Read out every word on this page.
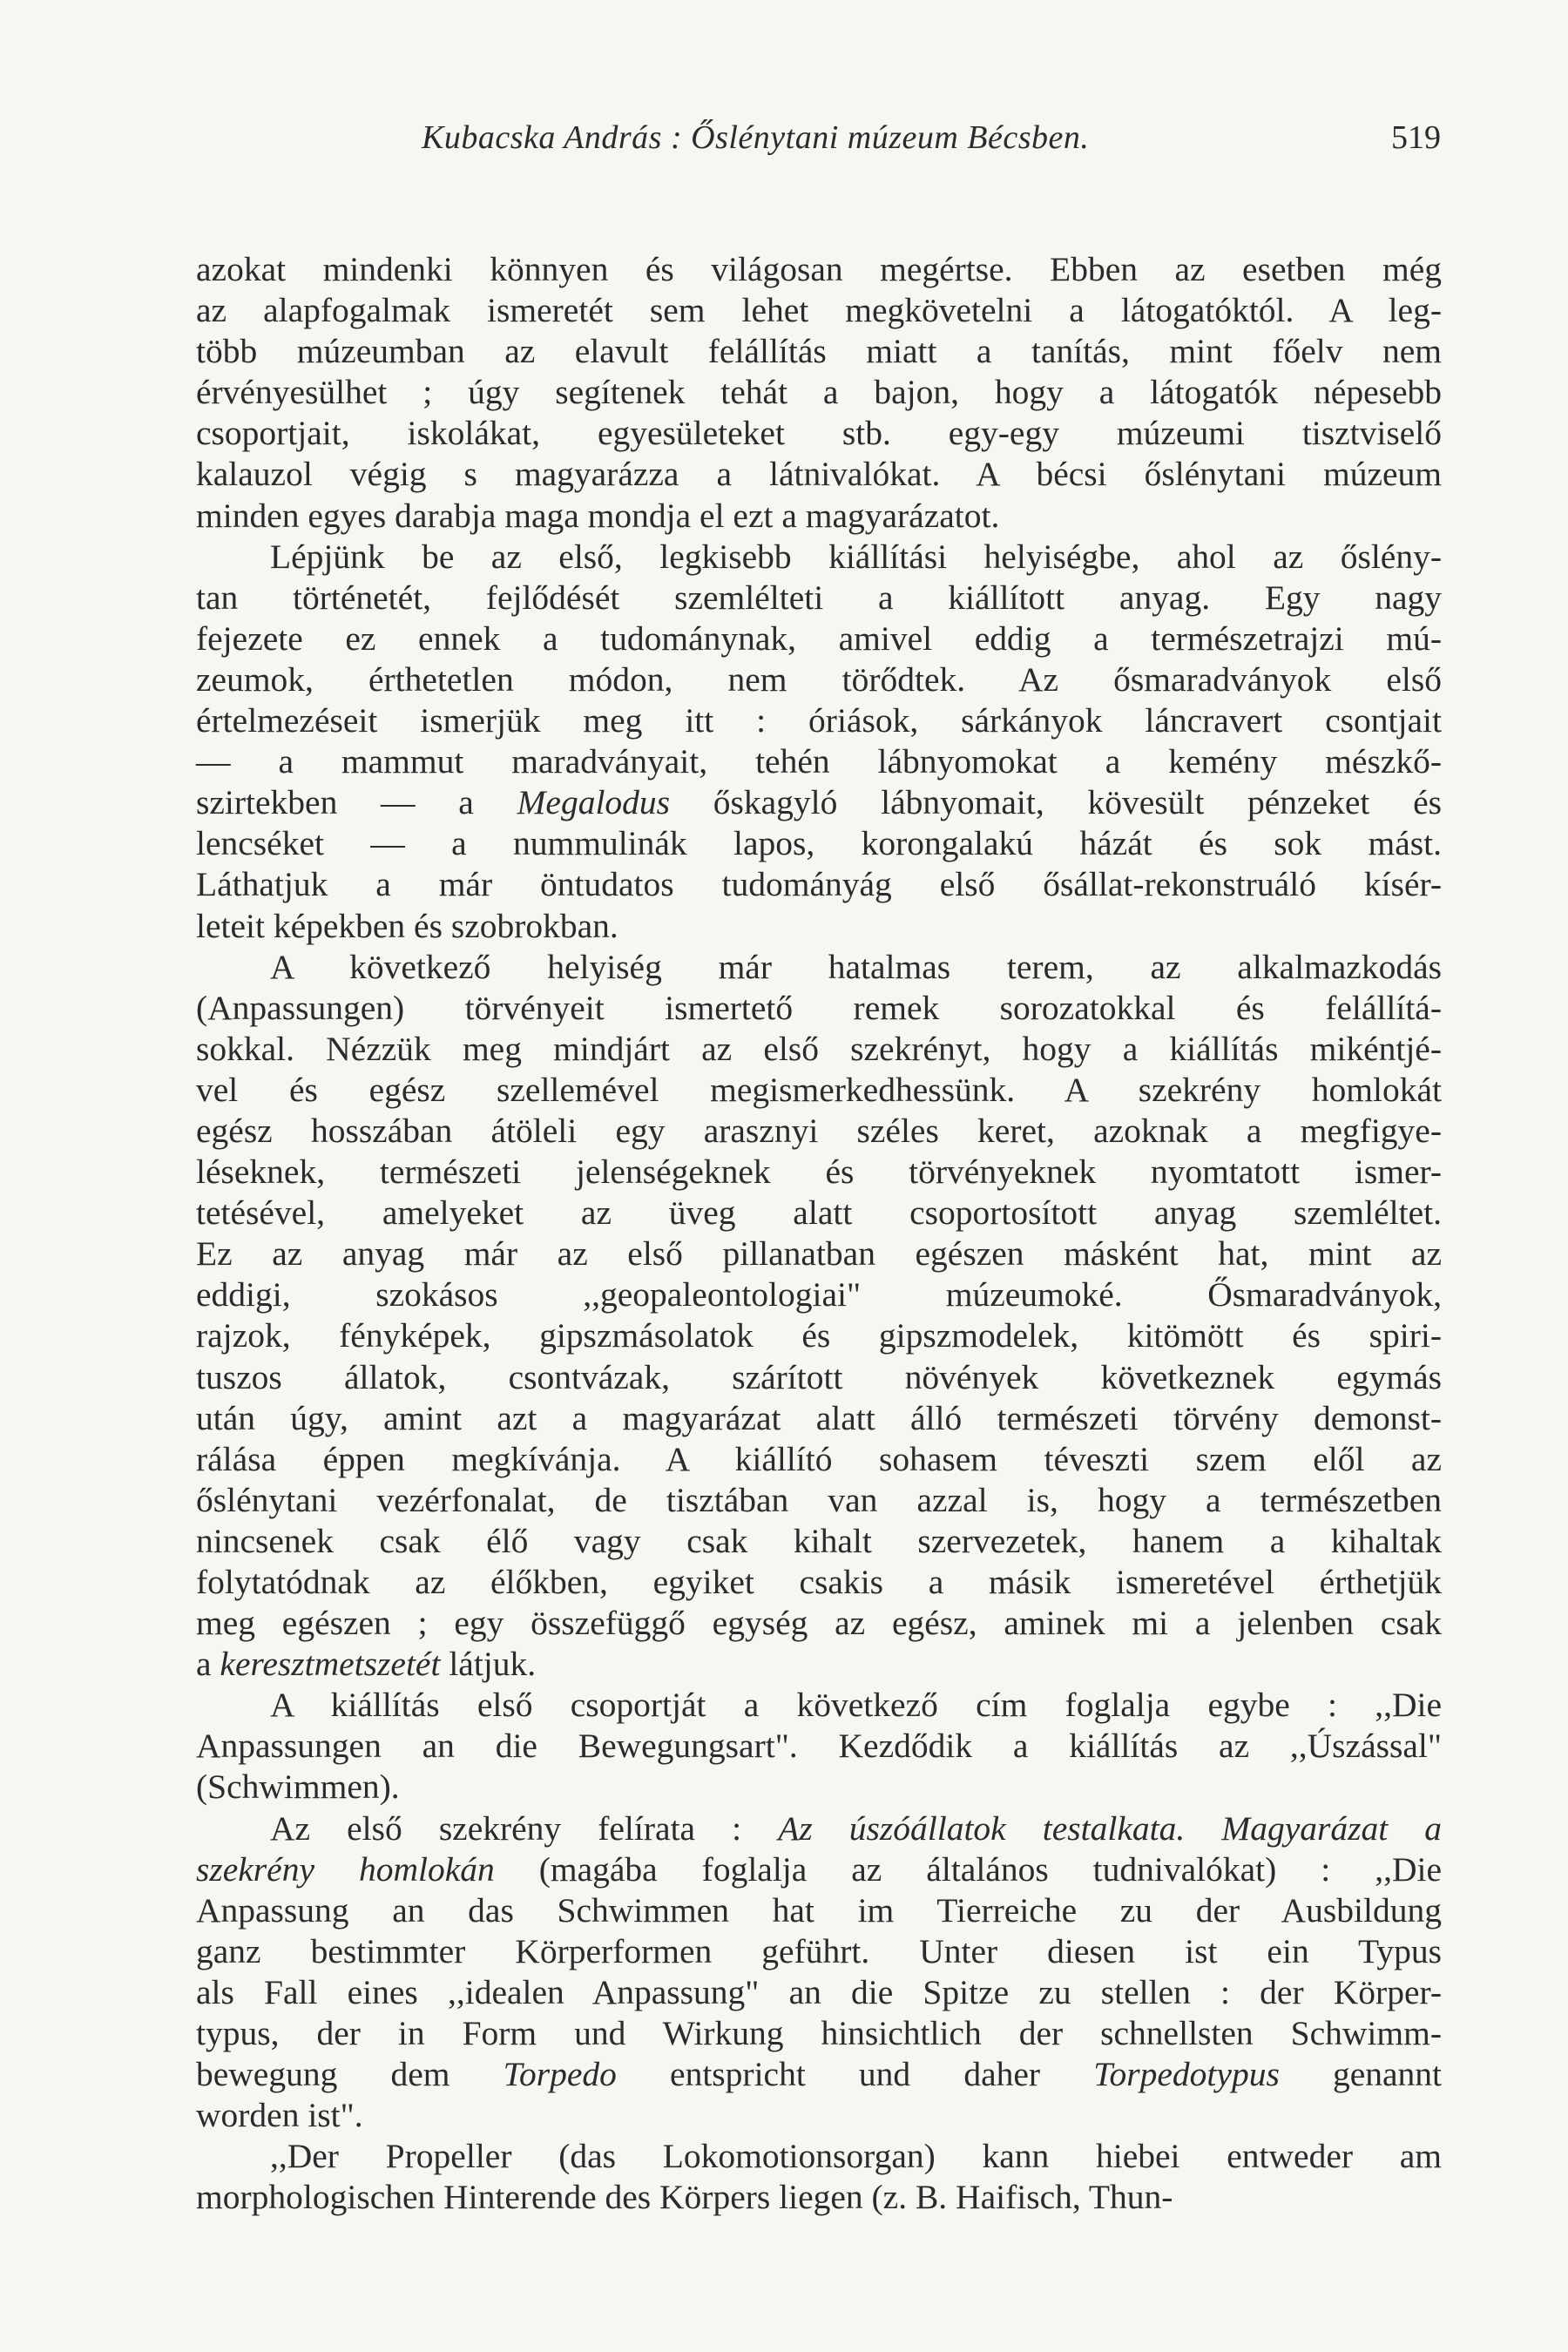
Kubacska András : Őslénytani múzeum Bécsben.	519
azokat mindenki könnyen és világosan megértse. Ebben az esetben még
az alapfogalmak ismeretét sem lehet megkövetelni a látogatóktól. A leg-
több múzeumban az elavult felállítás miatt a tanítás, mint főelv nem
érvényesülhet ; úgy segítenek tehát a bajon, hogy a látogatók népesebb
csoportjait, iskolákat, egyesületeket stb. egy-egy múzeumi tisztviselő
kalauzol végig s magyarázza a látnivalókat. A bécsi őslénytani múzeum
minden egyes darabja maga mondja el ezt a magyarázatot.
Lépjünk be az első, legkisebb kiállítási helyiségbe, ahol az őslény-
tan történetét, fejlődését szemlélteti a kiállított anyag. Egy nagy
fejezete ez ennek a tudománynak, amivel eddig a természetrajzi mú-
zeumok, érthetetlen módon, nem törődtek. Az ősmaradványok első
értelmezéseit ismerjük meg itt : óriások, sárkányok láncravert csontjait
— a mammut maradványait, tehén lábnyomokat a kemény mészkő-
szirtekben — a Megalodus őskagyló lábnyomait, kövesült pénzeket és
lencséket — a nummulinák lapos, korongalakú házát és sok mást.
Láthatjuk a már öntudatos tudományág első ősállat-rekonstruáló kísér-
leteit képekben és szobrokban.
A következő helyiség már hatalmas terem, az alkalmazkodás
(Anpassungen) törvényeit ismertető remek sorozatokkal és felállítá-
sokkal. Nézzük meg mindjárt az első szekrényt, hogy a kiállítás mikéntjé-
vel és egész szellemével megismerkedhessünk. A szekrény homlokát
egész hosszában átöleli egy arasznyi széles keret, azoknak a megfigye-
léseknek, természeti jelenségeknek és törvényeknek nyomtatott ismer-
tetésével, amelyeket az üveg alatt csoportosított anyag szemléltet.
Ez az anyag már az első pillanatban egészen másként hat, mint az
eddigi, szokásos ,,geopaleontologiai" múzeumoké. Ősmaradványok,
rajzok, fényképek, gipszmásolatok és gipszmodelek, kitömött és spiri-
tuszos állatok, csontvázak, szárított növények következnek egymás
után úgy, amint azt a magyarázat alatt álló természeti törvény demonst-
rálása éppen megkívánja. A kiállító sohasem téveszti szem elől az
őslénytani vezérfonalat, de tisztában van azzal is, hogy a természetben
nincsenek csak élő vagy csak kihalt szervezetek, hanem a kihaltak
folytatódnak az élőkben, egyiket csakis a másik ismeretével érthetjük
meg egészen ; egy összefüggő egység az egész, aminek mi a jelenben csak
a keresztmetszetét látjuk.
A kiállítás első csoportját a következő cím foglalja egybe : ,,Die
Anpassungen an die Bewegungsart". Kezdődik a kiállítás az ,,Úszással"
(Schwimmen).
Az első szekrény felírata : Az úszóállatok testalkata. Magyarázat a
szekrény homlokán (magába foglalja az általános tudnivalókat) : ,,Die
Anpassung an das Schwimmen hat im Tierreiche zu der Ausbildung
ganz bestimmter Körperformen geführt. Unter diesen ist ein Typus
als Fall eines ,,idealen Anpassung" an die Spitze zu stellen : der Körper-
typus, der in Form und Wirkung hinsichtlich der schnellsten Schwimm-
bewegung dem Torpedo entspricht und daher Torpedotypus genannt
worden ist".
,,Der Propeller (das Lokomotionsorgan) kann hiebei entweder am
morphologischen Hinterende des Körpers liegen (z. B. Haifisch, Thun-
